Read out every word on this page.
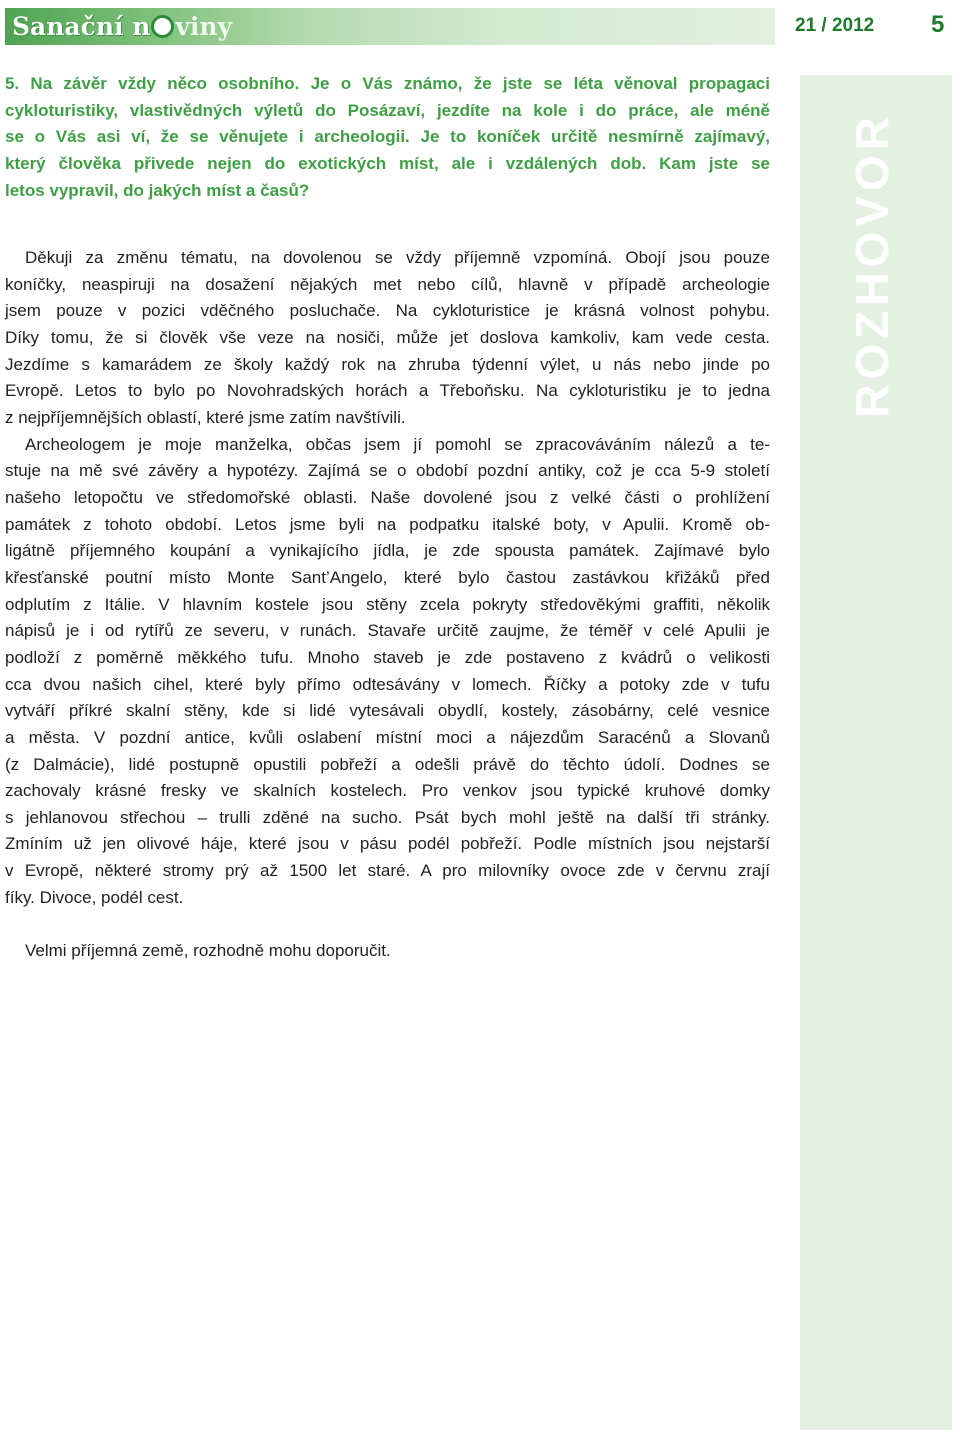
Sanační n viny	21 / 2012 5
ROZHOVOR
5. Na závěr vždy něco osobního. Je o Vás známo, že jste se léta věnoval propagaci
cykloturistiky, vlastivědných výletů do Posázaví, jezdíte na kole i do práce, ale méně
se o Vás asi ví, že se věnujete i archeologii. Je to koníček určitě nesmírně zajímavý,
který člověka přivede nejen do exotických míst, ale i vzdálených dob. Kam jste se
letos vypravil, do jakých míst a časů?
Děkuji za změnu tématu, na dovolenou se vždy příjemně vzpomíná. Obojí jsou pouze
koníčky, neaspiruji na dosažení nějakých met nebo cílů, hlavně v případě archeologie
jsem pouze v pozici vděčného posluchače. Na cykloturistice je krásná volnost pohybu.
Díky tomu, že si člověk vše veze na nosiči, může jet doslova kamkoliv, kam vede cesta.
Jezdíme s kamarádem ze školy každý rok na zhruba týdenní výlet, u nás nebo jinde po
Evropě. Letos to bylo po Novohradských horách a Třeboňsku. Na cykloturistiku je to jedna
z nejpříjemnějších oblastí, které jsme zatím navštívili.
Archeologem je moje manželka, občas jsem jí pomohl se zpracováváním nálezů a te-
stuje na mě své závěry a hypotézy. Zajímá se o období pozdní antiky, což je cca 5-9 století
našeho letopočtu ve středomořské oblasti. Naše dovolené jsou z velké části o prohlížení
památek z tohoto období. Letos jsme byli na podpatku italské boty, v Apulii. Kromě ob-
ligátně příjemného koupání a vynikajícího jídla, je zde spousta památek. Zajímavé bylo
křesťanské poutní místo Monte Sant’Angelo, které bylo častou zastávkou křižáků před
odplutím z Itálie. V hlavním kostele jsou stěny zcela pokryty středověkými graffiti, několik
nápisů je i od rytířů ze severu, v runách. Stavaře určitě zaujme, že téměř v celé Apulii je
podloží z poměrně měkkého tufu. Mnoho staveb je zde postaveno z kvádrů o velikosti
cca dvou našich cihel, které byly přímo odtesávány v lomech. Říčky a potoky zde v tufu
vytváří příkré skalní stěny, kde si lidé vytesávali obydlí, kostely, zásobárny, celé vesnice
a města. V pozdní antice, kvůli oslabení místní moci a nájezdům Saracénů a Slovanů
(z Dalmácie), lidé postupně opustili pobřeží a odešli právě do těchto údolí. Dodnes se
zachovaly krásné fresky ve skalních kostelech. Pro venkov jsou typické kruhové domky
s jehlanovou střechou – trulli zděné na sucho. Psát bych mohl ještě na další tři stránky.
Zmíním už jen olivové háje, které jsou v pásu podél pobřeží. Podle místních jsou nejstarší
v Evropě, některé stromy prý až 1500 let staré. A pro milovníky ovoce zde v červnu zrají
fíky. Divoce, podél cest.
Velmi příjemná země, rozhodně mohu doporučit.
